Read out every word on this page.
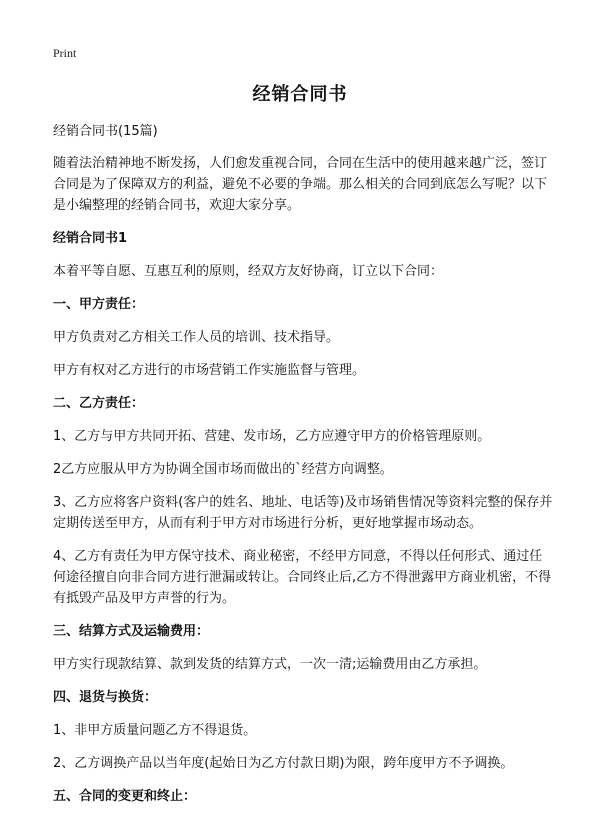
Print
经销合同书

经销合同书(15篇)

随着法治精神地不断发扬，人们愈发重视合同，合同在生活中的使用越来越广泛，签订合同是为了保障双方的利益，避免不必要的争端。那么相关的合同到底怎么写呢？以下是小编整理的经销合同书，欢迎大家分享。

经销合同书1

本着平等自愿、互惠互利的原则，经双方友好协商，订立以下合同：

一、甲方责任：

甲方负责对乙方相关工作人员的培训、技术指导。

甲方有权对乙方进行的市场营销工作实施监督与管理。

二、乙方责任：

1、乙方与甲方共同开拓、营建、发市场，乙方应遵守甲方的价格管理原则。

2乙方应服从甲方为协调全国市场而做出的`经营方向调整。

3、乙方应将客户资料(客户的姓名、地址、电话等)及市场销售情况等资料完整的保存并定期传送至甲方，从而有利于甲方对市场进行分析，更好地掌握市场动态。

4、乙方有责任为甲方保守技术、商业秘密，不经甲方同意，不得以任何形式、通过任何途径擅自向非合同方进行泄漏或转让。合同终止后,乙方不得泄露甲方商业机密，不得有抵毁产品及甲方声誉的行为。

三、结算方式及运输费用：

甲方实行现款结算、款到发货的结算方式，一次一清;运输费用由乙方承担。

四、退货与换货：

1、非甲方质量问题乙方不得退货。

2、乙方调换产品以当年度(起始日为乙方付款日期)为限，跨年度甲方不予调换。

五、合同的变更和终止：
